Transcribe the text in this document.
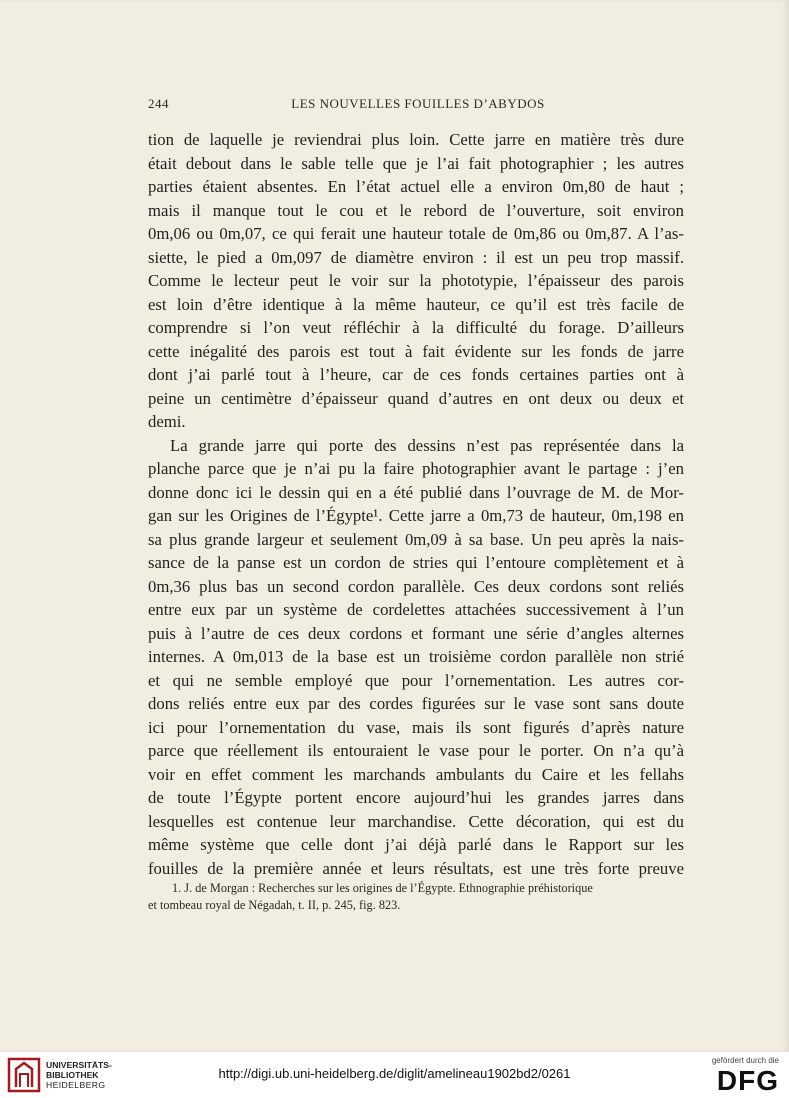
244	LES NOUVELLES FOUILLES D’ABYDOS
tion de laquelle je reviendrai plus loin. Cette jarre en matière très dure
était debout dans le sable telle que je l’ai fait photographier ; les autres
parties étaient absentes. En l’état actuel elle a environ 0m,80 de haut ;
mais il manque tout le cou et le rebord de l’ouverture, soit environ
0m,06 ou 0m,07, ce qui ferait une hauteur totale de 0m,86 ou 0m,87. A l’as-
siette, le pied a 0m,097 de diamètre environ : il est un peu trop massif.
Comme le lecteur peut le voir sur la phototypie, l’épaisseur des parois
est loin d’être identique à la même hauteur, ce qu’il est très facile de
comprendre si l’on veut réfléchir à la difficulté du forage. D’ailleurs
cette inégalité des parois est tout à fait évidente sur les fonds de jarre
dont j’ai parlé tout à l’heure, car de ces fonds certaines parties ont à
peine un centimètre d’épaisseur quand d’autres en ont deux ou deux et
demi.
La grande jarre qui porte des dessins n’est pas représentée dans la
planche parce que je n’ai pu la faire photographier avant le partage : j’en
donne donc ici le dessin qui en a été publié dans l’ouvrage de M. de Mor-
gan sur les Origines de l’Égypte¹. Cette jarre a 0m,73 de hauteur, 0m,198 en
sa plus grande largeur et seulement 0m,09 à sa base. Un peu après la nais-
sance de la panse est un cordon de stries qui l’entoure complètement et à
0m,36 plus bas un second cordon parallèle. Ces deux cordons sont reliés
entre eux par un système de cordelettes attachées successivement à l’un
puis à l’autre de ces deux cordons et formant une série d’angles alternes
internes. A 0m,013 de la base est un troisième cordon parallèle non strié
et qui ne semble employé que pour l’ornementation. Les autres cor-
dons reliés entre eux par des cordes figurées sur le vase sont sans doute
ici pour l’ornementation du vase, mais ils sont figurés d’après nature
parce que réellement ils entouraient le vase pour le porter. On n’a qu’à
voir en effet comment les marchands ambulants du Caire et les fellahs
de toute l’Égypte portent encore aujourd’hui les grandes jarres dans
lesquelles est contenue leur marchandise. Cette décoration, qui est du
même système que celle dont j’ai déjà parlé dans le Rapport sur les
fouilles de la première année et leurs résultats, est une très forte preuve
1. J. de Morgan : Recherches sur les origines de l’Égypte. Ethnographie préhistorique
et tombeau royal de Négadah, t. II, p. 245, fig. 823.
UNIVERSITÄTS-
BIBLIOTHEK
HEIDELBERG
http://digi.ub.uni-heidelberg.de/diglit/amelineau1902bd2/0261
gefördert durch die
DFG
